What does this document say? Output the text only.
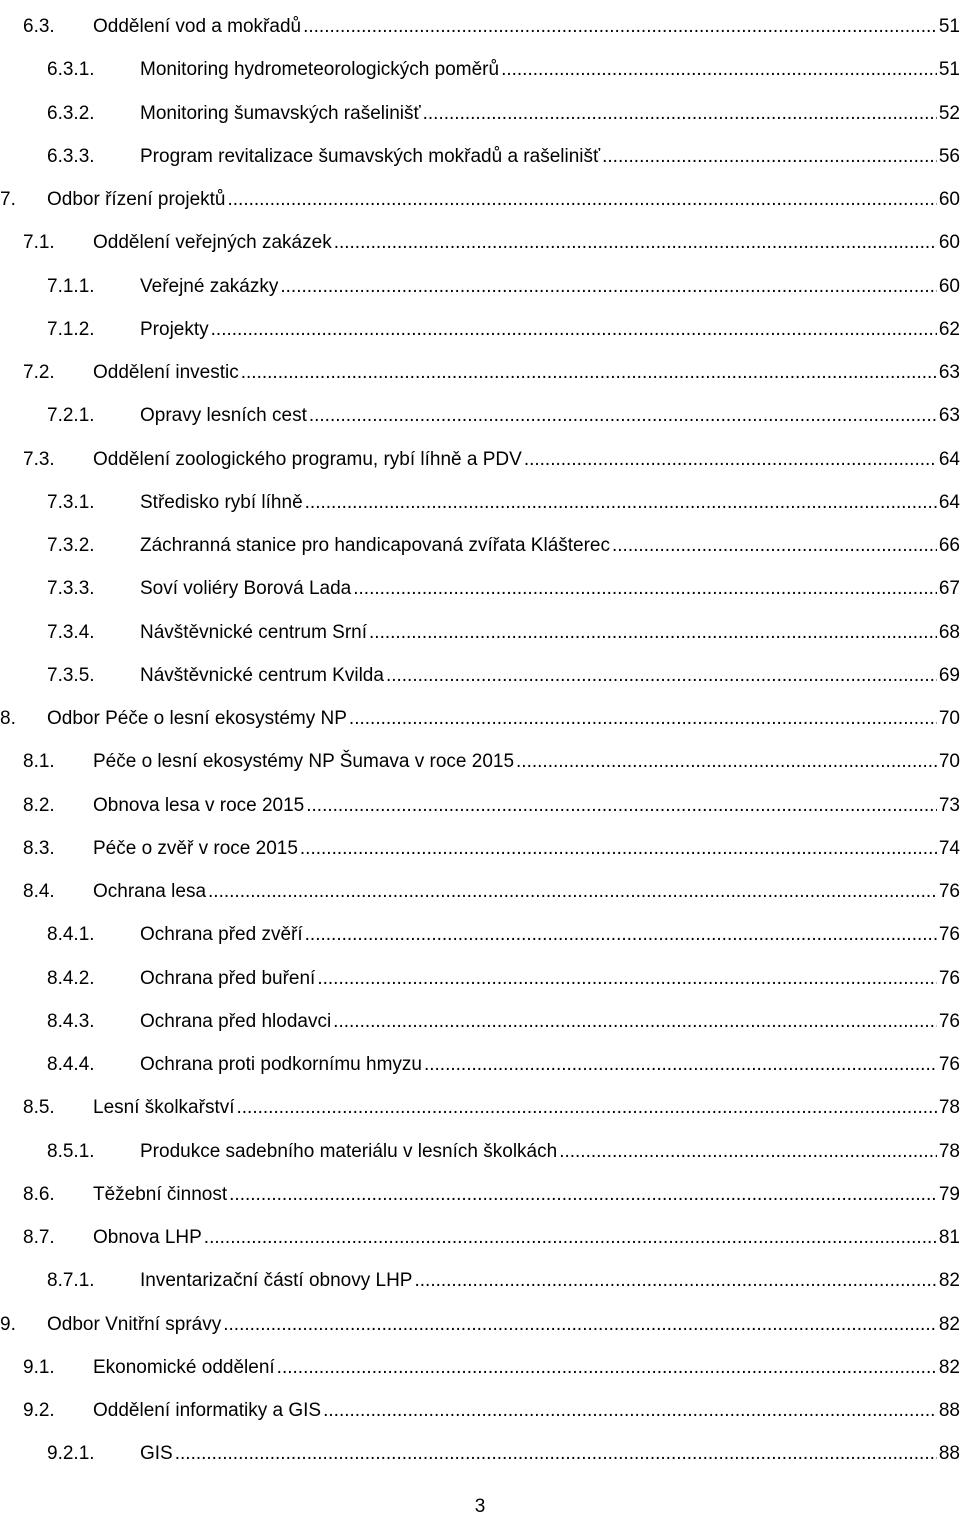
6.3. Oddělení vod a mokřadů .....	51
6.3.1. Monitoring hydrometeorologických poměrů .....	51
6.3.2. Monitoring šumavských rašelinišť .....	52
6.3.3. Program revitalizace šumavských mokřadů a rašelinišť .....	56
7. Odbor řízení projektů .....	60
7.1. Oddělení veřejných zakázek .....	60
7.1.1. Veřejné zakázky .....	60
7.1.2. Projekty .....	62
7.2. Oddělení investic .....	63
7.2.1. Opravy lesních cest .....	63
7.3. Oddělení zoologického programu, rybí líhně a PDV .....	64
7.3.1. Středisko rybí líhně .....	64
7.3.2. Záchranná stanice pro handicapovaná zvířata Klášterec .....	66
7.3.3. Soví voliéry Borová Lada .....	67
7.3.4. Návštěvnické centrum Srní .....	68
7.3.5. Návštěvnické centrum Kvilda .....	69
8. Odbor Péče o lesní ekosystémy NP .....	70
8.1. Péče o lesní ekosystémy NP Šumava v roce 2015 .....	70
8.2. Obnova lesa v roce 2015 .....	73
8.3. Péče o zvěř v roce 2015 .....	74
8.4. Ochrana lesa .....	76
8.4.1. Ochrana před zvěří .....	76
8.4.2. Ochrana před buření .....	76
8.4.3. Ochrana před hlodavci .....	76
8.4.4. Ochrana proti podkornímu hmyzu .....	76
8.5. Lesní školkařství .....	78
8.5.1. Produkce sadebního materiálu v lesních školkách .....	78
8.6. Těžební činnost .....	79
8.7. Obnova LHP .....	81
8.7.1. Inventarizační částí obnovy LHP .....	82
9. Odbor Vnitřní správy .....	82
9.1. Ekonomické oddělení .....	82
9.2. Oddělení informatiky a GIS .....	88
9.2.1. GIS .....	88
3
